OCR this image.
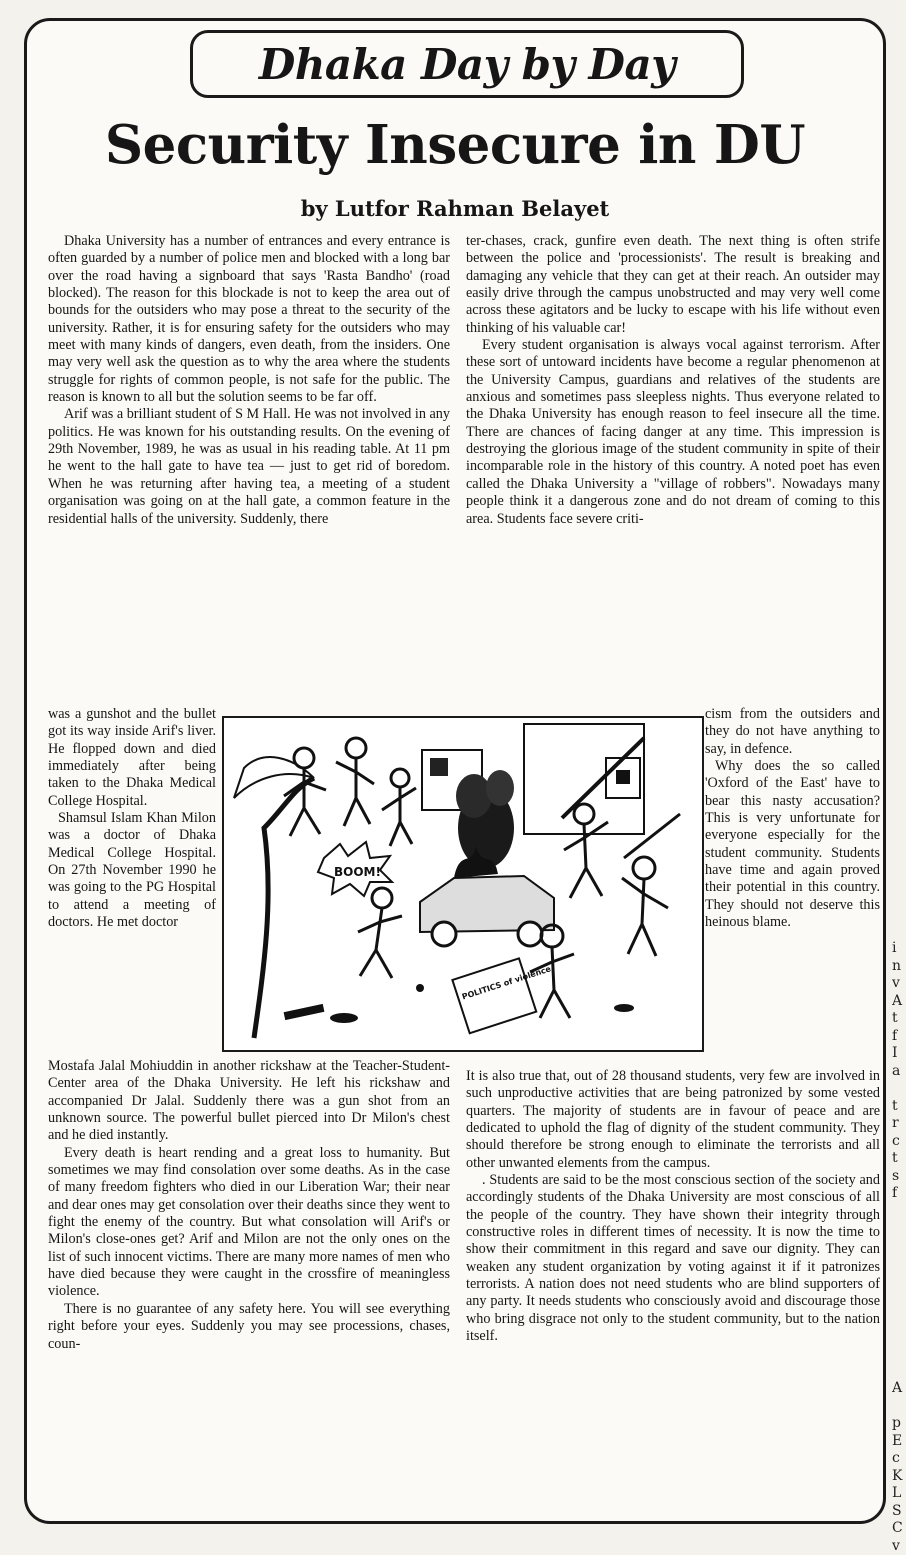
i
n
v
A
t
f
I
a

t
r
c
t
s
f
A

p
E
c
K
L
S
C
v
Dhaka Day by Day
Security Insecure in DU
by Lutfor Rahman Belayet

Dhaka University has a number of entrances and every entrance is often guarded by a number of police men and blocked with a long bar over the road having a signboard that says 'Rasta Bandho' (road blocked). The reason for this blockade is not to keep the area out of bounds for the outsiders who may pose a threat to the security of the university. Rather, it is for ensuring safety for the outsiders who may meet with many kinds of dangers, even death, from the insiders. One may very well ask the question as to why the area where the students struggle for rights of common people, is not safe for the public. The reason is known to all but the solution seems to be far off.

Arif was a brilliant student of S M Hall. He was not involved in any politics. He was known for his outstanding results. On the evening of 29th November, 1989, he was as usual in his reading table. At 11 pm he went to the hall gate to have tea — just to get rid of boredom. When he was returning after having tea, a meeting of a student organisation was going on at the hall gate, a common feature in the residential halls of the university. Suddenly, there

was a gunshot and the bullet got its way inside Arif's liver. He flopped down and died immediately after being taken to the Dhaka Medical College Hospital.

Shamsul Islam Khan Milon was a doctor of Dhaka Medical College Hospital. On 27th November 1990 he was going to the PG Hospital to attend a meeting of doctors. He met doctor

Mostafa Jalal Mohiuddin in another rickshaw at the Teacher-Student-Center area of the Dhaka University. He left his rickshaw and accompanied Dr Jalal. Suddenly there was a gun shot from an unknown source. The powerful bullet pierced into Dr Milon's chest and he died instantly.

Every death is heart rending and a great loss to humanity. But sometimes we may find consolation over some deaths. As in the case of many freedom fighters who died in our Liberation War; their near and dear ones may get consolation over their deaths since they went to fight the enemy of the country. But what consolation will Arif's or Milon's close-ones get? Arif and Milon are not the only ones on the list of such innocent victims. There are many more names of men who have died because they were caught in the crossfire of meaningless violence.

There is no guarantee of any safety here. You will see everything right before your eyes. Suddenly you may see processions, chases, coun-

ter-chases, crack, gunfire even death. The next thing is often strife between the police and 'processionists'. The result is breaking and damaging any vehicle that they can get at their reach. An outsider may easily drive through the campus unobstructed and may very well come across these agitators and be lucky to escape with his life without even thinking of his valuable car!

Every student organisation is always vocal against terrorism. After these sort of untoward incidents have become a regular phenomenon at the University Campus, guardians and relatives of the students are anxious and sometimes pass sleepless nights. Thus everyone related to the Dhaka University has enough reason to feel insecure all the time. There are chances of facing danger at any time. This impression is destroying the glorious image of the student community in spite of their incomparable role in the history of this country. A noted poet has even called the Dhaka University a "village of robbers". Nowadays many people think it a dangerous zone and do not dream of coming to this area. Students face severe criti-

cism from the outsiders and they do not have anything to say, in defence.

Why does the so called 'Oxford of the East' have to bear this nasty accusation? This is very unfortunate for everyone especially for the student community. Students have time and again proved their potential in this country. They should not deserve this heinous blame.

It is also true that, out of 28 thousand students, very few are involved in such unproductive activities that are being patronized by some vested quarters. The majority of students are in favour of peace and are dedicated to uphold the flag of dignity of the student community. They should therefore be strong enough to eliminate the terrorists and all other unwanted elements from the campus.

. Students are said to be the most conscious section of the society and accordingly students of the Dhaka University are most conscious of all the people of the country. They have shown their integrity through constructive roles in different times of necessity. It is now the time to show their commitment in this regard and save our dignity. They can weaken any student organization by voting against it if it patronizes terrorists. A nation does not need students who are blind supporters of any party. It needs students who consciously avoid and discourage those who bring disgrace not only to the student community, but to the nation itself.

BOOM!
POLITICS of violence
